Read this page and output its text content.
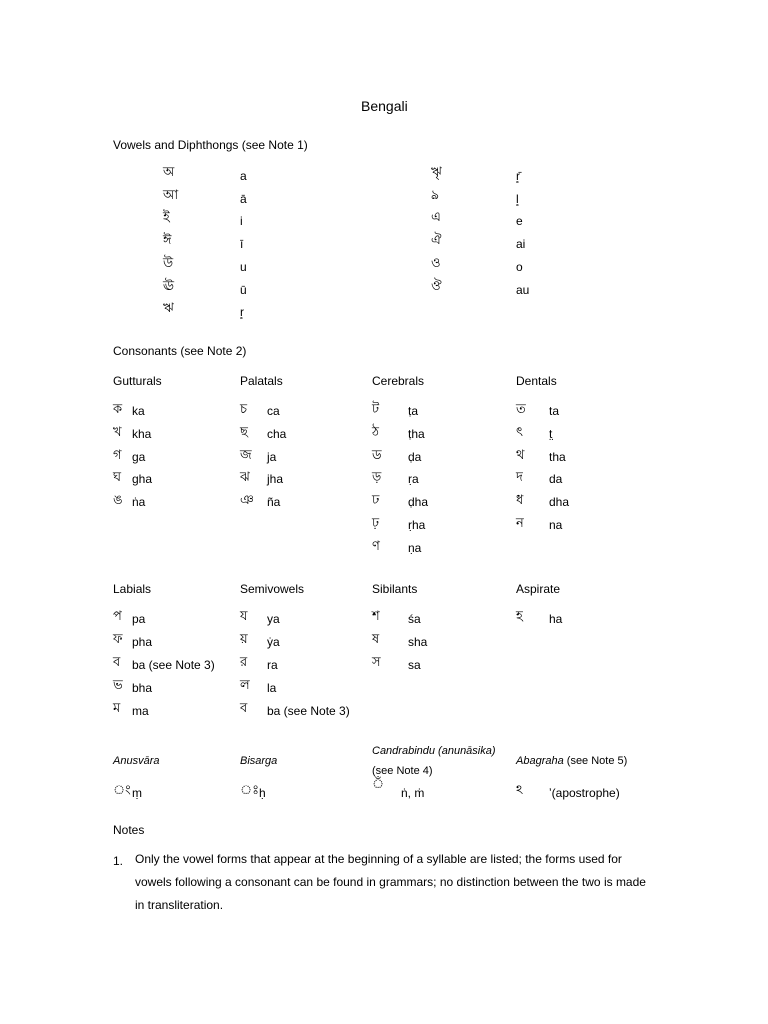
Bengali
Vowels and Diphthongs (see Note 1)
অ	a
আ	ā
ই	i
ঈ	ī
উ	u
ঊ	ū
ঋ	r̥
ৠ	r̥̄
ঌ	l̥
এ	e
ঐ	ai
ও	o
ঔ	au
Consonants (see Note 2)
Gutturals
ক ka
খ kha
গ ga
ঘ gha
ঙ ṅa
Palatals
চ ca
ছ cha
জ ja
ঝ jha
ঞ ña
Cerebrals
ট ṭa
ঠ ṭha
ড ḍa
ড় ṛa
ঢ ḍha
ঢ় ṛha
ণ ṇa
Dentals
ত ta
ৎ t̤
থ tha
দ da
ধ dha
ন na
Labials
প pa
ফ pha
ব ba (see Note 3)
ভ bha
ম ma
Semivowels
য ya
য় ẏa
র ra
ল la
ব ba (see Note 3)
Sibilants
শ śa
ষ sha
স sa
Aspirate
হ ha
Anusvāra
ং ṃ
Bisarga
ঃ ḥ
Candrabindu (anunāsika)
(see Note 4)
ঁ
ṅ, ṁ
Abagraha (see Note 5)
ঽ ʼ(apostrophe)
Notes
1. Only the vowel forms that appear at the beginning of a syllable are listed; the forms used for vowels following a consonant can be found in grammars; no distinction between the two is made in transliteration.
